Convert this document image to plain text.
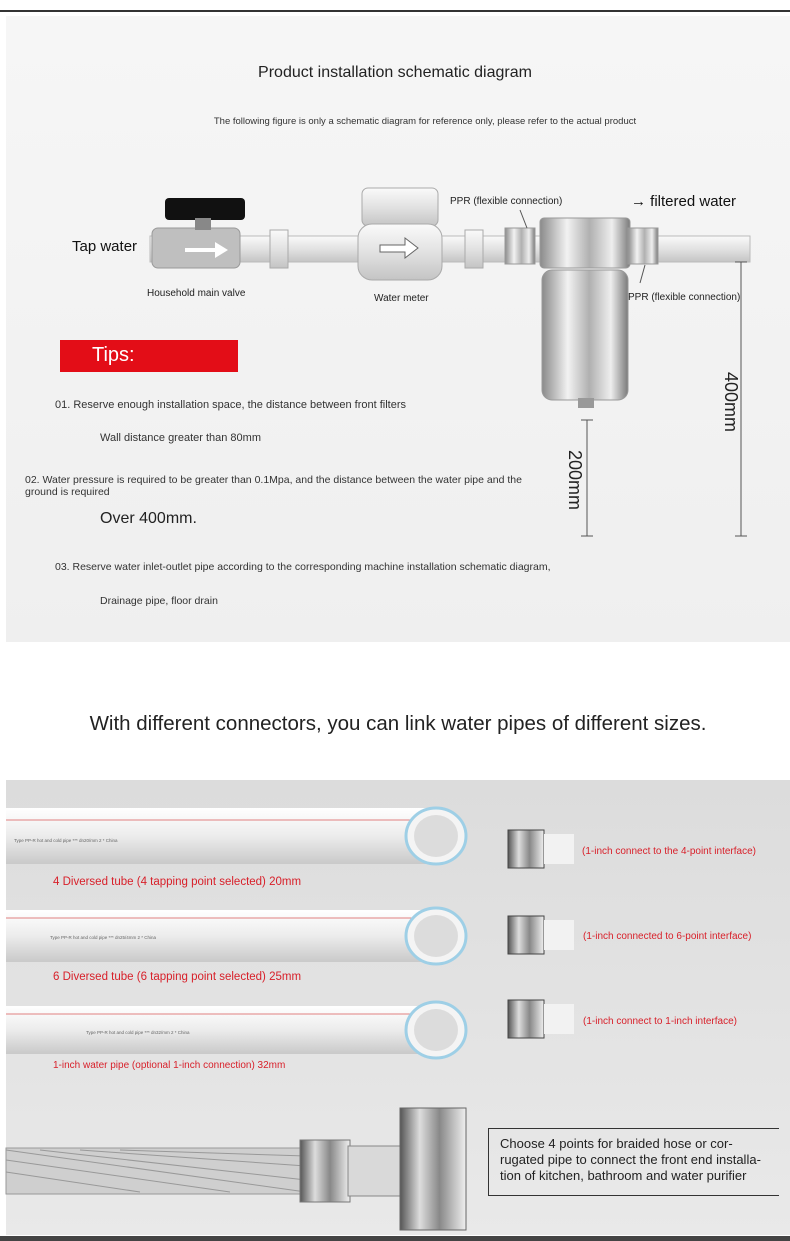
Product installation schematic diagram
The following figure is only a schematic diagram for reference only, please refer to the actual product
Tap water
Household main valve	Water meter
PPR (flexible connection)
PPR (flexible connection)
→ filtered water
400mm
200mm
Tips:
01. Reserve enough installation space, the distance between front filters
Wall distance greater than 80mm
02. Water pressure is required to be greater than 0.1Mpa, and the distance between the water pipe and the
ground is required
Over 400mm.
03. Reserve water inlet-outlet pipe according to the corresponding machine installation schematic diagram,
Drainage pipe, floor drain
With different connectors, you can link water pipes of different sizes.
Type PP-R hot and cold pipe *** dn20/mm 2 * China
4 Diversed tube (4 tapping point selected) 20mm
(1-inch connect to the 4-point interface)
Type PP-R hot and cold pipe *** dn25/4mm 2 * China
6 Diversed tube (6 tapping point selected) 25mm
(1-inch connected to 6-point interface)
Type PP-R hot and cold pipe *** dn32/mm 2 * China
1-inch water pipe (optional 1-inch connection) 32mm
(1-inch connect to 1-inch interface)
Choose 4 points for braided hose or cor-
rugated pipe to connect the front end installa-
tion of kitchen, bathroom and water purifier
